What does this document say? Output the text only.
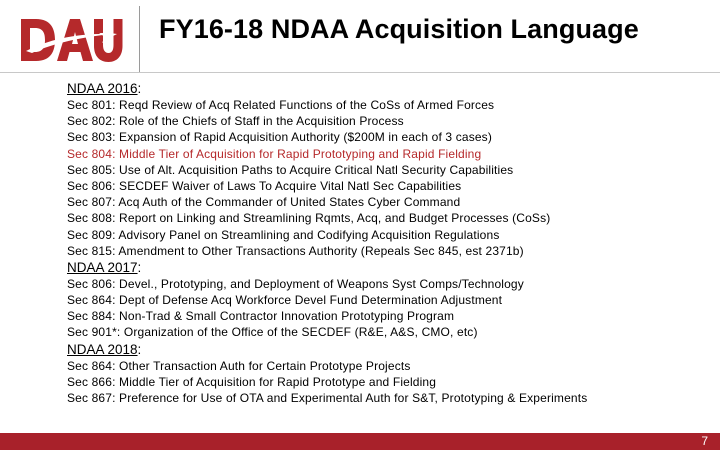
FY16-18 NDAA Acquisition Language
NDAA 2016:
Sec 801: Reqd Review of Acq Related Functions of the CoSs of Armed Forces
Sec 802: Role of the Chiefs of Staff in the Acquisition Process
Sec 803: Expansion of Rapid Acquisition Authority ($200M in each of 3 cases)
Sec 804: Middle Tier of Acquisition for Rapid Prototyping and Rapid Fielding
Sec 805: Use of Alt. Acquisition Paths to Acquire Critical Natl Security Capabilities
Sec 806: SECDEF Waiver of Laws To Acquire Vital Natl Sec Capabilities
Sec 807: Acq Auth of the Commander of United States Cyber Command
Sec 808: Report on Linking and Streamlining Rqmts, Acq, and Budget Processes (CoSs)
Sec 809: Advisory Panel on Streamlining and Codifying Acquisition Regulations
Sec 815: Amendment to Other Transactions Authority (Repeals Sec 845, est 2371b)
NDAA 2017:
Sec 806: Devel., Prototyping, and Deployment of Weapons Syst Comps/Technology
Sec 864: Dept of Defense Acq Workforce Devel Fund Determination Adjustment
Sec 884: Non-Trad & Small Contractor Innovation Prototyping Program
Sec 901*: Organization of the Office of the SECDEF (R&E, A&S, CMO, etc)
NDAA 2018:
Sec 864: Other Transaction Auth for Certain Prototype Projects
Sec 866: Middle Tier of Acquisition for Rapid Prototype and Fielding
Sec 867: Preference for Use of OTA and Experimental Auth for S&T, Prototyping & Experiments
7
